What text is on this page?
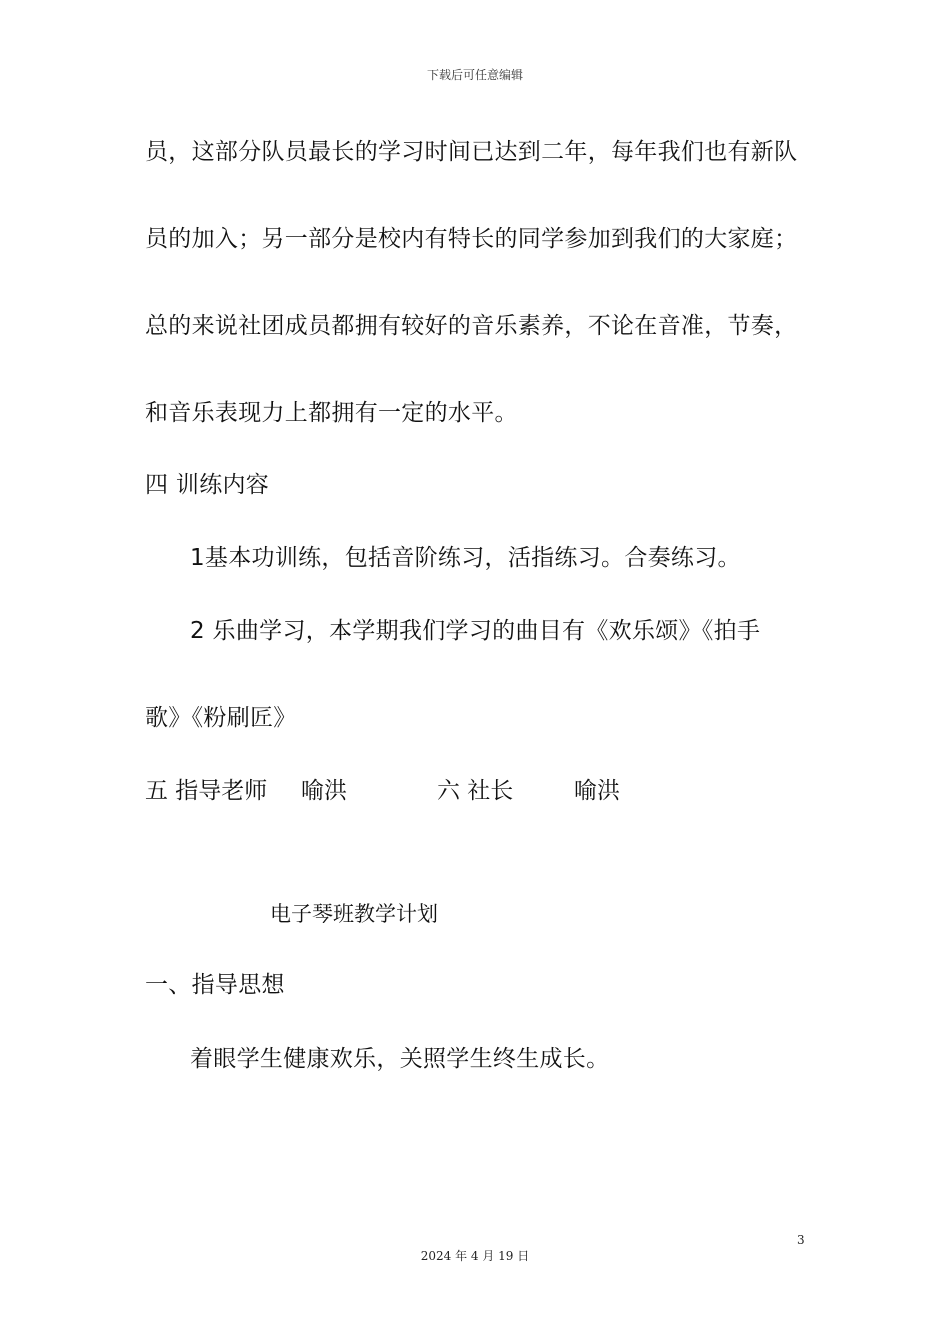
下载后可任意编辑
员，这部分队员最长的学习时间已达到二年，每年我们也有新队
员的加入；另一部分是校内有特长的同学参加到我们的大家庭；
总的来说社团成员都拥有较好的音乐素养，不论在音准，节奏，
和音乐表现力上都拥有一定的水平。
四 训练内容
1基本功训练，包括音阶练习，活指练习。合奏练习。
2 乐曲学习，本学期我们学习的曲目有《欢乐颂》《拍手
歌》《粉刷匠》
五 指导老师 喻洪	六 社长	喻洪
电子琴班教学计划
一、指导思想
着眼学生健康欢乐，关照学生终生成长。
3
2024 年 4 月 19 日
